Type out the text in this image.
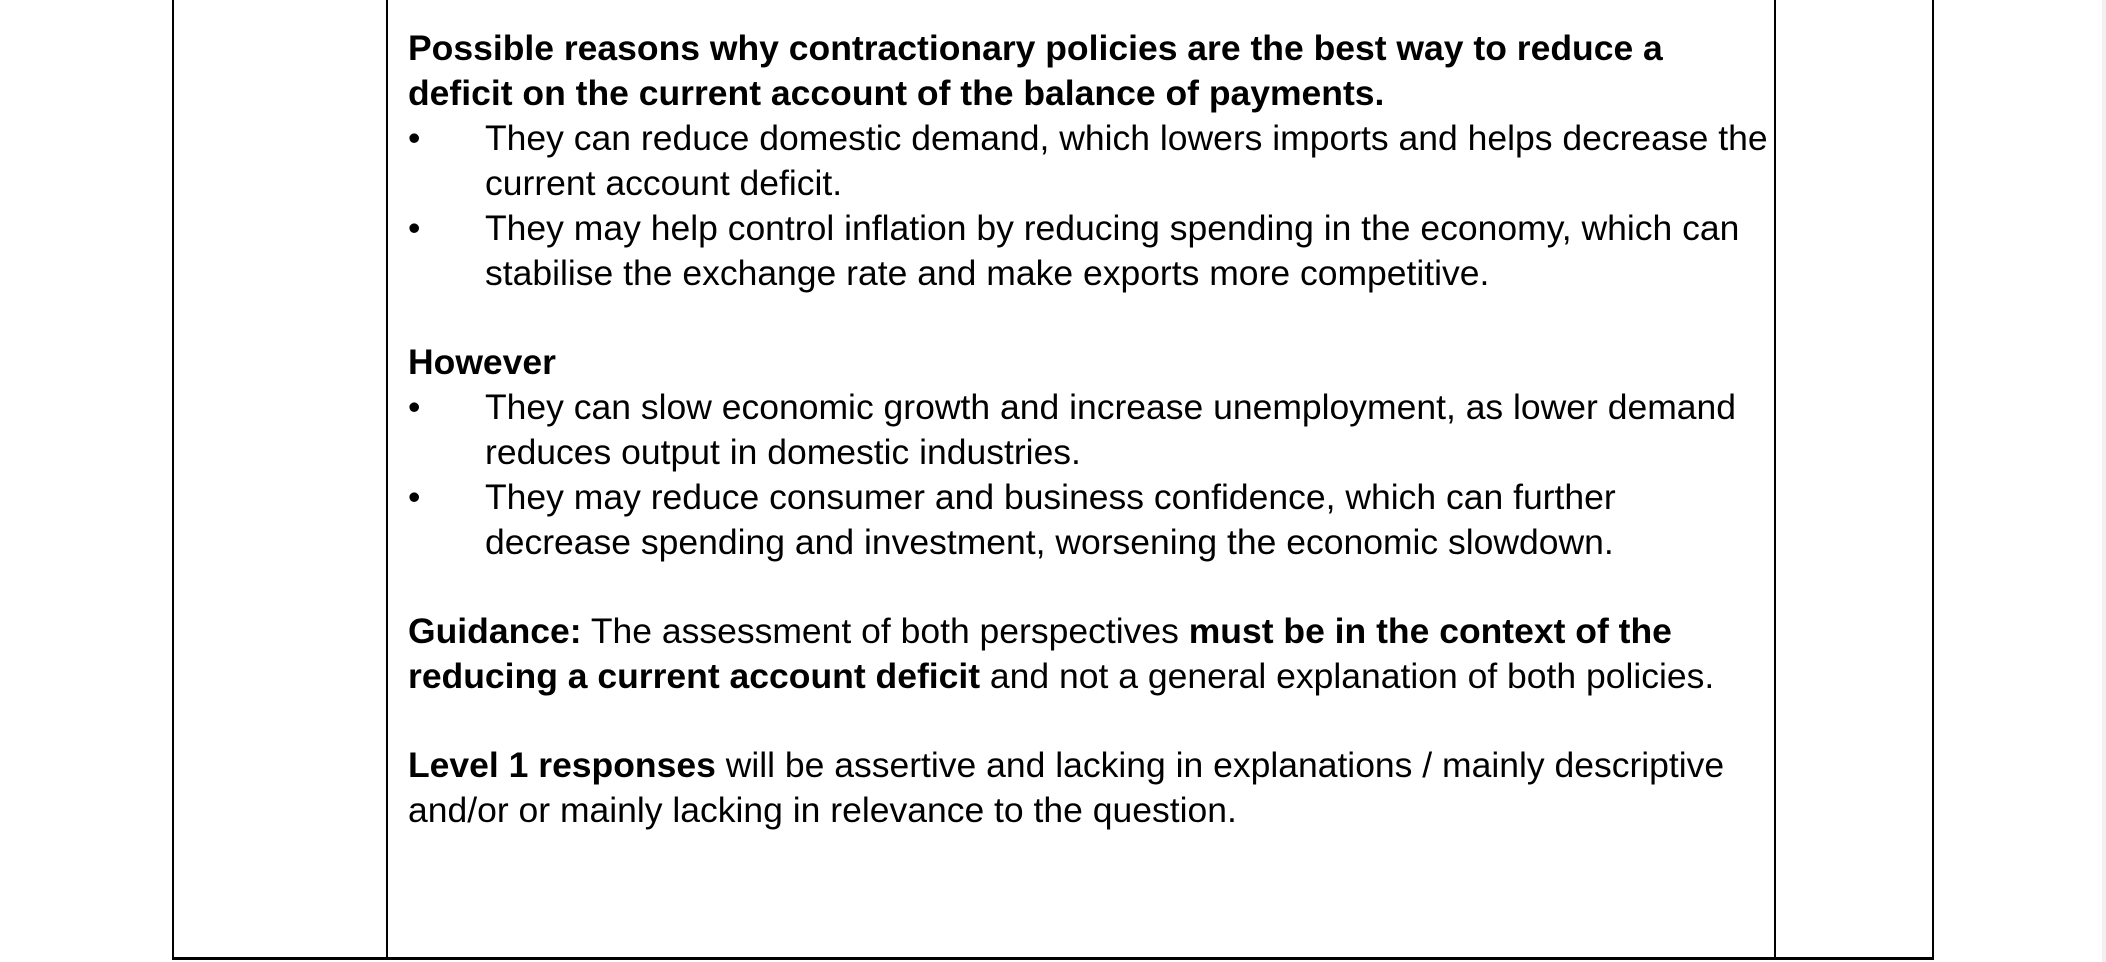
Possible reasons why contractionary policies are the best way to reduce a deficit on the current account of the balance of payments.

•	They can reduce domestic demand, which lowers imports and helps decrease the current account deficit.
•	They may help control inflation by reducing spending in the economy, which can stabilise the exchange rate and make exports more competitive.

However

•	They can slow economic growth and increase unemployment, as lower demand reduces output in domestic industries.
•	They may reduce consumer and business confidence, which can further decrease spending and investment, worsening the economic slowdown.

Guidance: The assessment of both perspectives must be in the context of the reducing a current account deficit and not a general explanation of both policies.

Level 1 responses will be assertive and lacking in explanations / mainly descriptive and/or or mainly lacking in relevance to the question.
